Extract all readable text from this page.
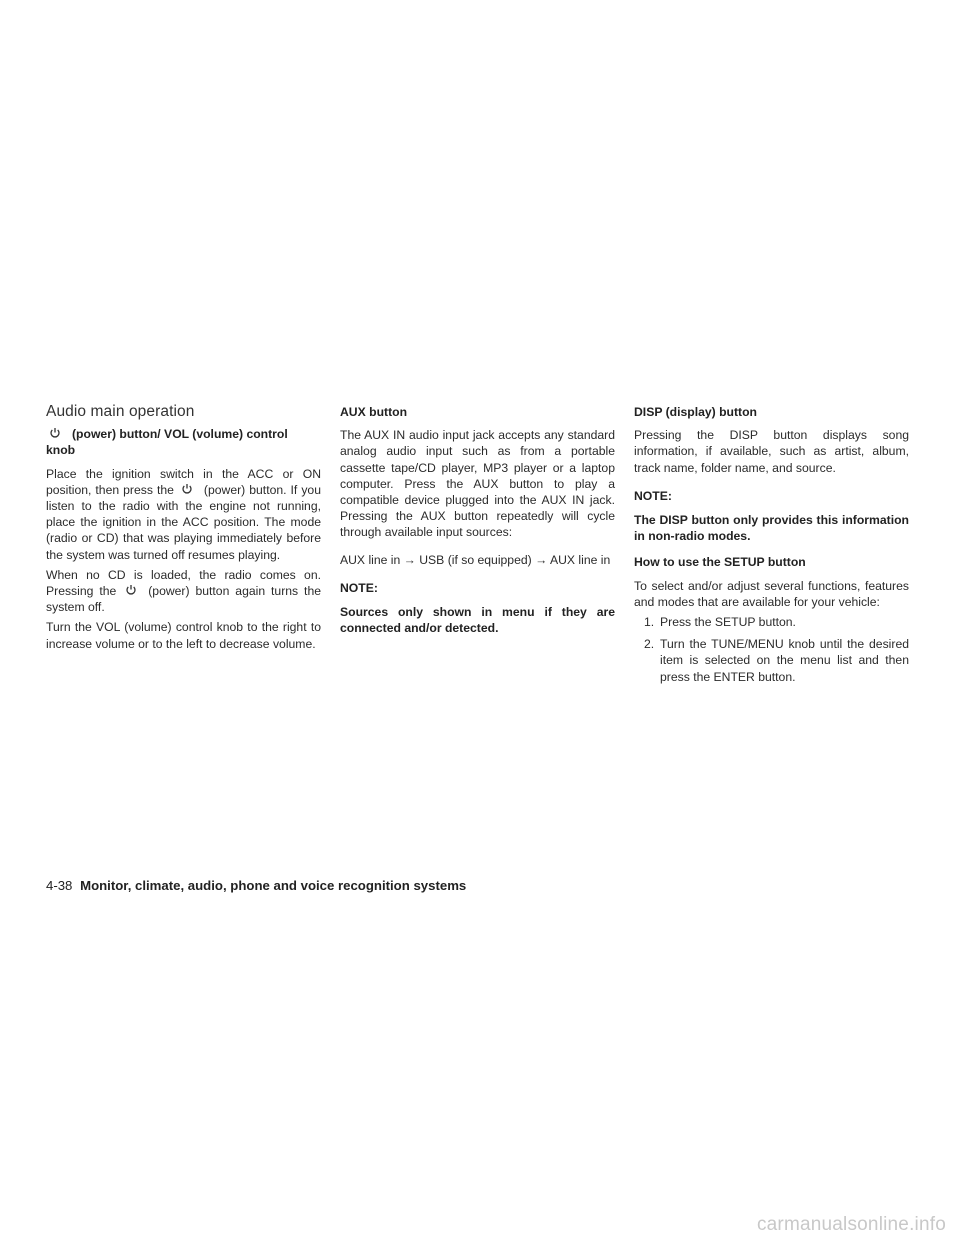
Audio main operation
(power) button/ VOL (volume) control
knob

Place the ignition switch in the ACC or ON position, then press the (power) button. If you listen to the radio with the engine not running, place the ignition in the ACC position. The mode (radio or CD) that was playing immediately before the system was turned off resumes playing.

When no CD is loaded, the radio comes on. Pressing the	(power) button again turns the system off.

Turn the VOL (volume) control knob to the right to increase volume or to the left to decrease volume.

AUX button

The AUX IN audio input jack accepts any standard analog audio input such as from a portable cassette tape/CD player, MP3 player or a laptop computer. Press the AUX button to play a compatible device plugged into the AUX IN jack. Pressing the AUX button repeatedly will cycle through available input sources:

AUX line in → USB (if so equipped) → AUX line in

NOTE:
Sources only shown in menu if they are connected and/or detected.
DISP (display) button

Pressing the DISP button displays song information, if available, such as artist, album, track name, folder name, and source.

NOTE:
The DISP button only provides this information in non-radio modes.
How to use the SETUP button

To select and/or adjust several functions, features and modes that are available for your vehicle:

1. Press the SETUP button.
2. Turn the TUNE/MENU knob until the desired item is selected on the menu list and then press the ENTER button.
4-38 Monitor, climate, audio, phone and voice recognition systems
carmanualsonline.info
